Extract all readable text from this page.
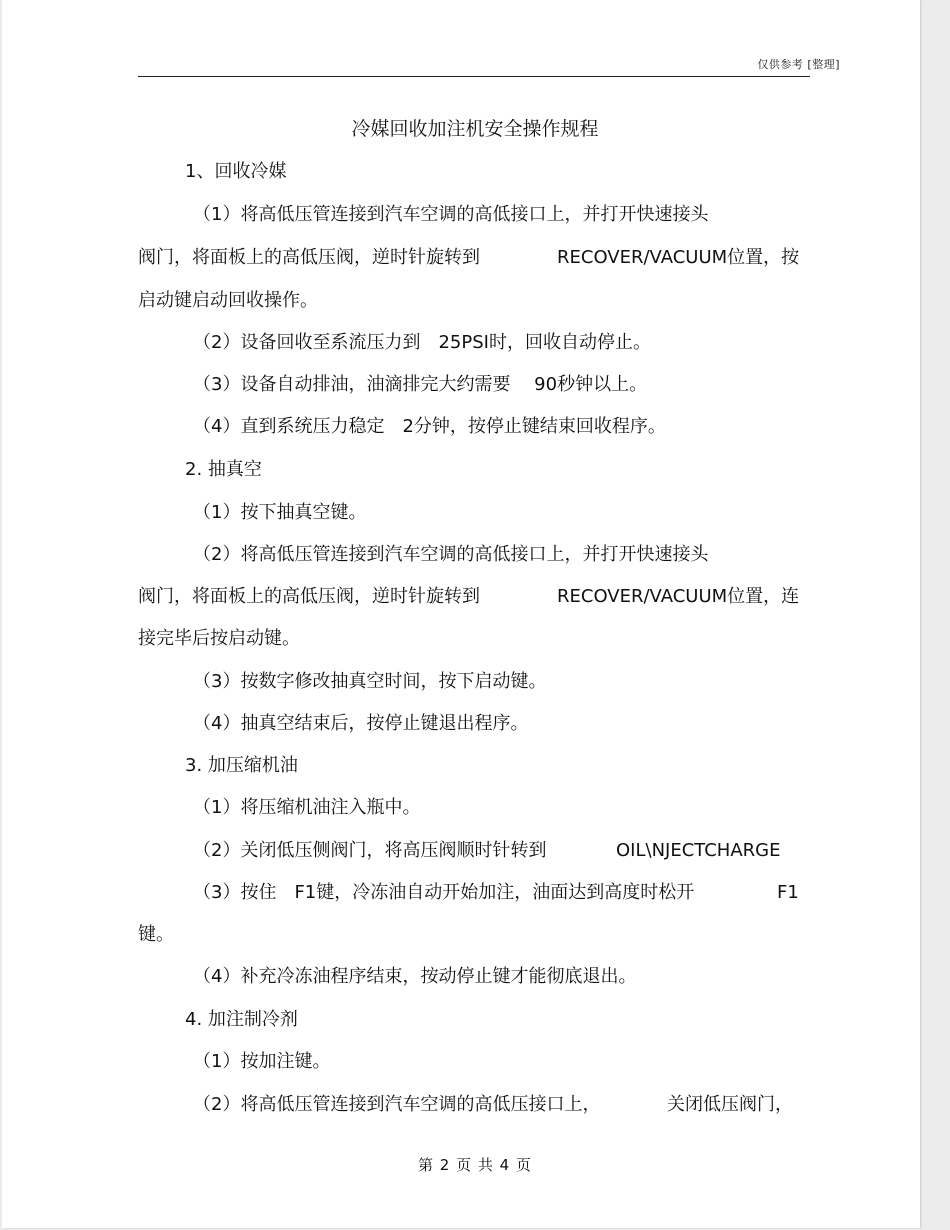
仅供参考 [整理]
冷媒回收加注机安全操作规程
1、回收冷媒
（1）将高低压管连接到汽车空调的高低接口上，并打开快速接头
阀门，将面板上的高低压阀，逆时针旋转到	RECOVER/VACUUM位置，按
启动键启动回收操作。
（2）设备回收至系流压力到　25PSI时，回收自动停止。
（3）设备自动排油，油滴排完大约需要　 90秒钟以上。
（4）直到系统压力稳定　2分钟，按停止键结束回收程序。
2. 抽真空
（1）按下抽真空键。
（2）将高低压管连接到汽车空调的高低接口上，并打开快速接头
阀门，将面板上的高低压阀，逆时针旋转到	RECOVER/VACUUM位置，连
接完毕后按启动键。
（3）按数字修改抽真空时间，按下启动键。
（4）抽真空结束后，按停止键退出程序。
3. 加压缩机油
（1）将压缩机油注入瓶中。
（2）关闭低压侧阀门，将高压阀顺时针转到	OIL\NJECTCHARGE
（3）按住　F1键，冷冻油自动开始加注，油面达到高度时松开	F1
键。
（4）补充冷冻油程序结束，按动停止键才能彻底退出。
4. 加注制冷剂
（1）按加注键。
（2）将高低压管连接到汽车空调的高低压接口上，	关闭低压阀门，
第 2 页 共 4 页
